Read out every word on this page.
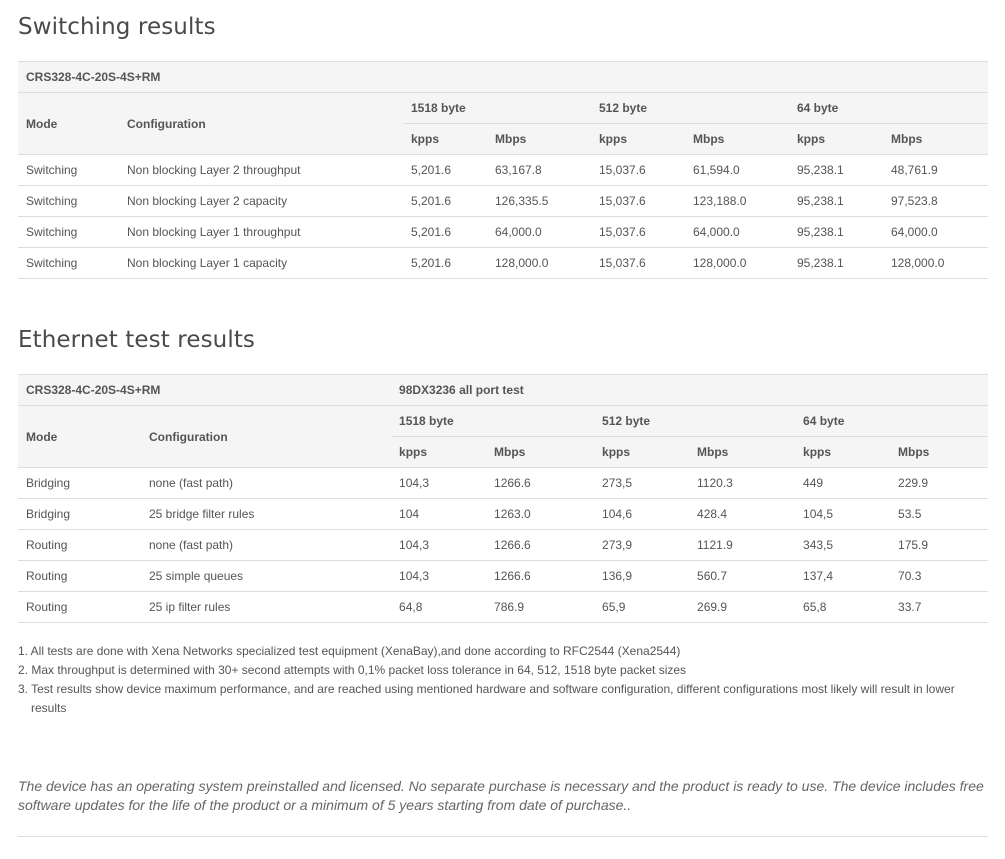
Switching results
CRS328-4C-20S-4S+RM							
Mode	Configuration	1518 byte		512 byte		64 byte	
		kpps	Mbps	kpps	Mbps	kpps	Mbps
Switching	Non blocking Layer 2 throughput	5,201.6	63,167.8	15,037.6	61,594.0	95,238.1	48,761.9
Switching	Non blocking Layer 2 capacity	5,201.6	126,335.5	15,037.6	123,188.0	95,238.1	97,523.8
Switching	Non blocking Layer 1 throughput	5,201.6	64,000.0	15,037.6	64,000.0	95,238.1	64,000.0
Switching	Non blocking Layer 1 capacity	5,201.6	128,000.0	15,037.6	128,000.0	95,238.1	128,000.0
Ethernet test results
CRS328-4C-20S-4S+RM		98DX3236 all port test					
Mode	Configuration	1518 byte		512 byte		64 byte	
		kpps	Mbps	kpps	Mbps	kpps	Mbps
Bridging	none (fast path)	104,3	1266.6	273,5	1120.3	449	229.9
Bridging	25 bridge filter rules	104	1263.0	104,6	428.4	104,5	53.5
Routing	none (fast path)	104,3	1266.6	273,9	1121.9	343,5	175.9
Routing	25 simple queues	104,3	1266.6	136,9	560.7	137,4	70.3
Routing	25 ip filter rules	64,8	786.9	65,9	269.9	65,8	33.7
1. All tests are done with Xena Networks specialized test equipment (XenaBay),and done according to RFC2544 (Xena2544)
2. Max throughput is determined with 30+ second attempts with 0,1% packet loss tolerance in 64, 512, 1518 byte packet sizes
3. Test results show device maximum performance, and are reached using mentioned hardware and software configuration, different configurations most likely will result in lower results

The device has an operating system preinstalled and licensed. No separate purchase is necessary and the product is ready to use. The device includes free software updates for the life of the product or a minimum of 5 years starting from date of purchase..
